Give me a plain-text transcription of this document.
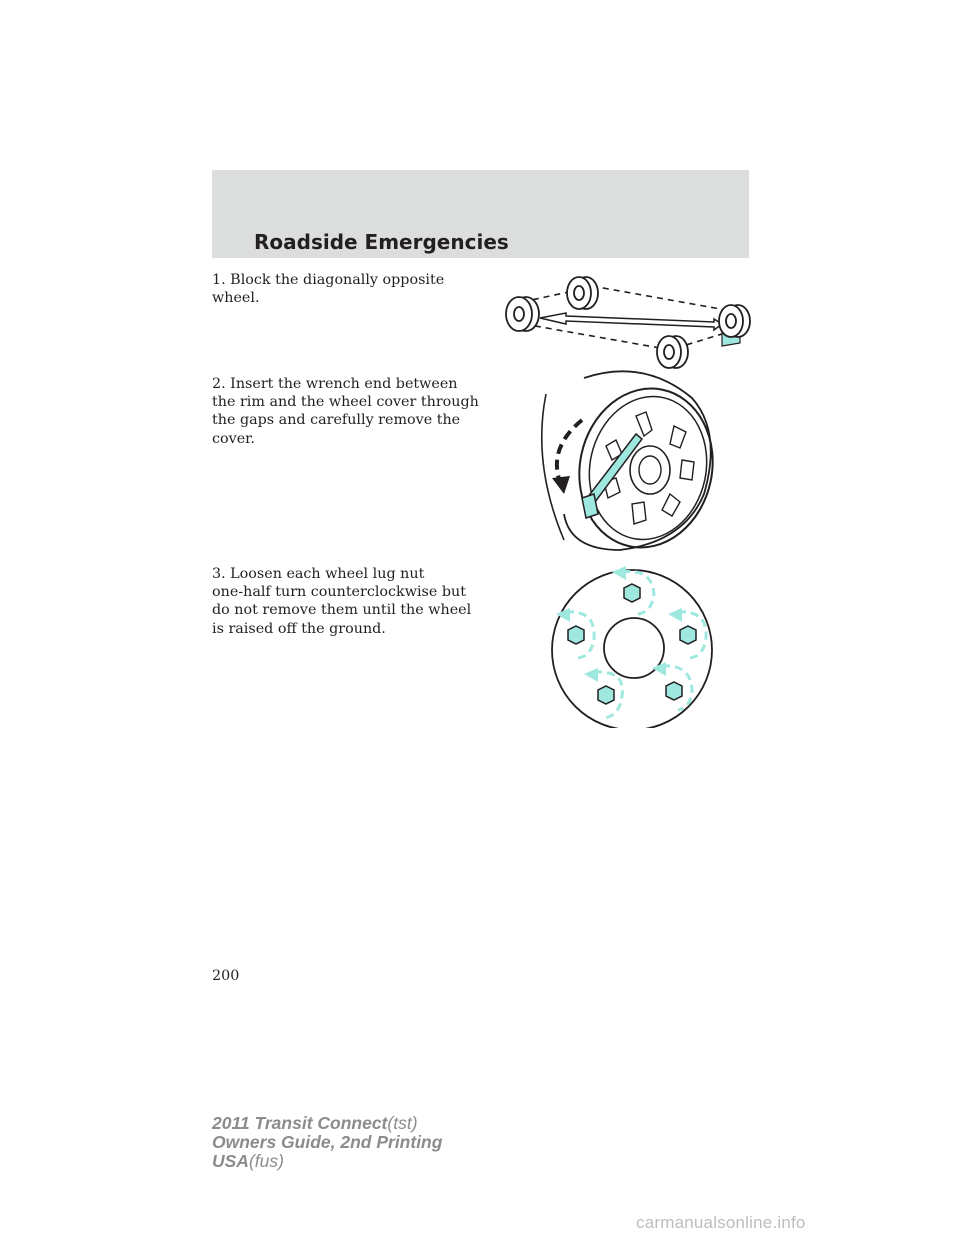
Roadside Emergencies

1. Block the diagonally opposite
wheel.

2. Insert the wrench end between
the rim and the wheel cover through
the gaps and carefully remove the
cover.

3. Loosen each wheel lug nut
one-half turn counterclockwise but
do not remove them until the wheel
is raised off the ground.

200

2011 Transit Connect(tst)
Owners Guide, 2nd Printing
USA(fus)

carmanualsonline.info
